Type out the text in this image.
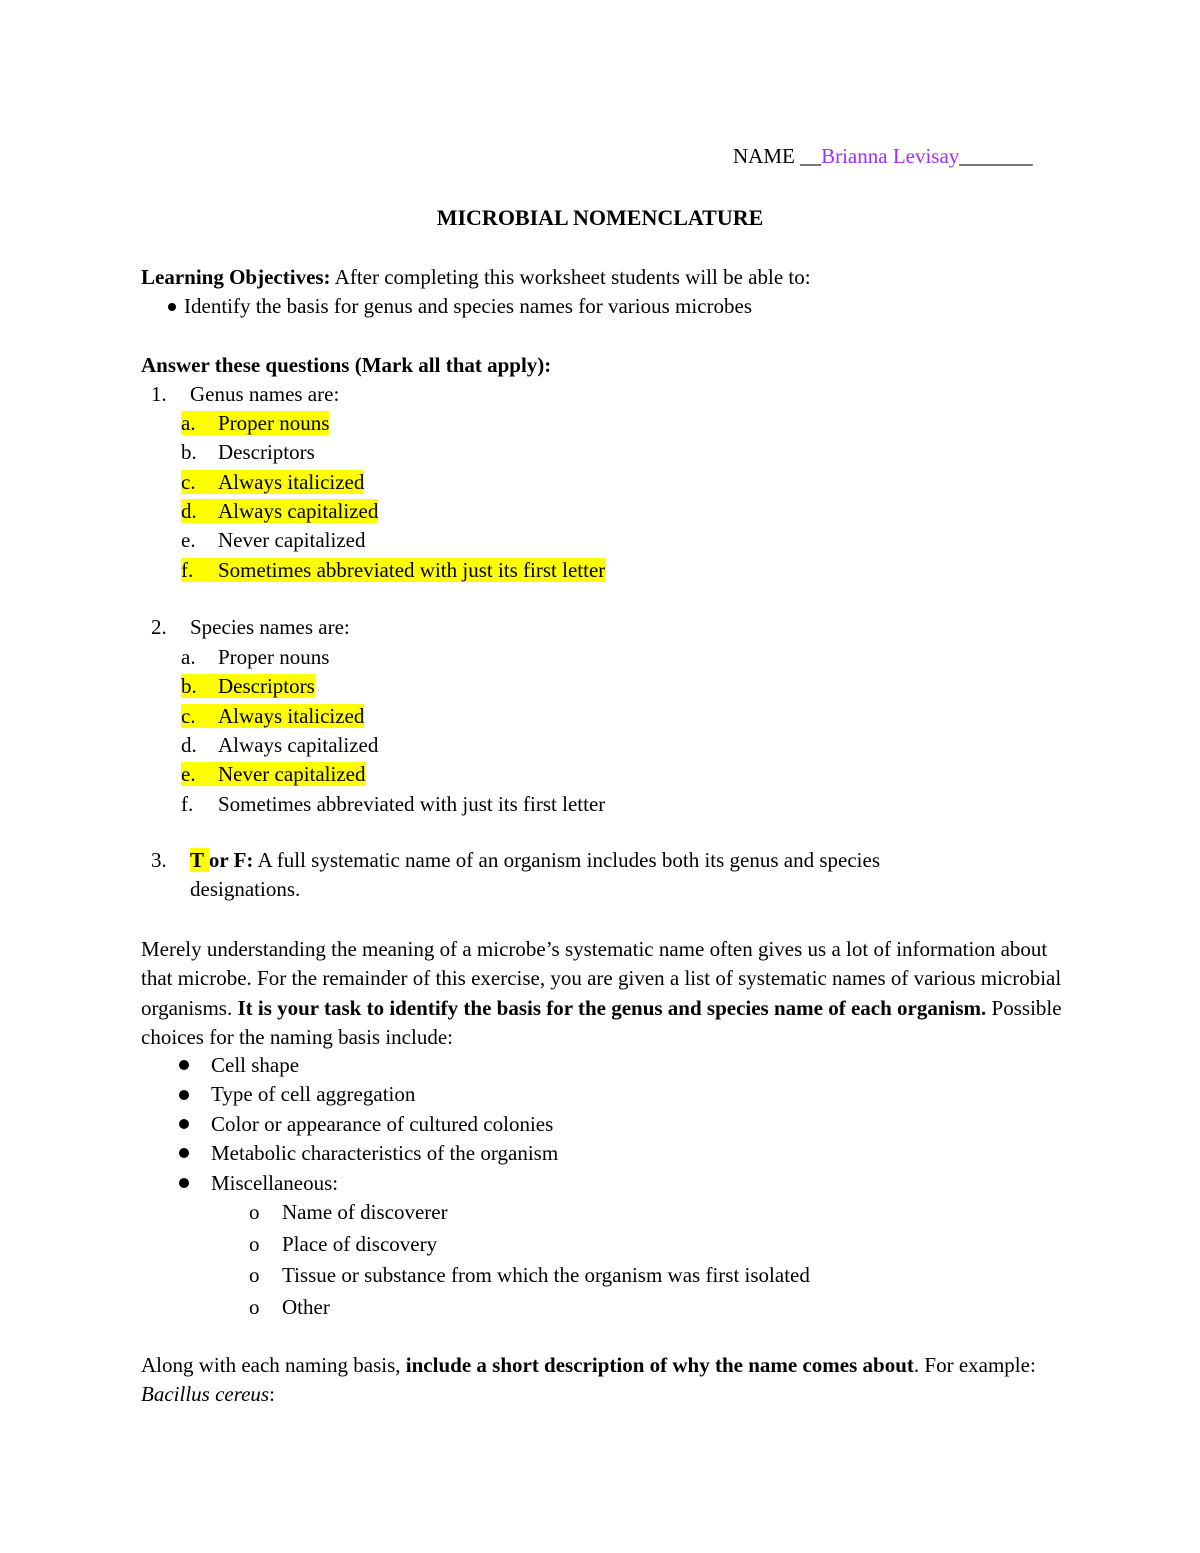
NAME __Brianna Levisay_______
MICROBIAL NOMENCLATURE
Learning Objectives: After completing this worksheet students will be able to:
Identify the basis for genus and species names for various microbes
Answer these questions (Mark all that apply):
1. Genus names are:
a. Proper nouns
b. Descriptors
c. Always italicized
d. Always capitalized
e. Never capitalized
f. Sometimes abbreviated with just its first letter
2. Species names are:
a. Proper nouns
b. Descriptors
c. Always italicized
d. Always capitalized
e. Never capitalized
f. Sometimes abbreviated with just its first letter
3. T or F: A full systematic name of an organism includes both its genus and species
designations.
Merely understanding the meaning of a microbe’s systematic name often gives us a lot of information about that microbe. For the remainder of this exercise, you are given a list of systematic names of various microbial organisms. It is your task to identify the basis for the genus and species name of each organism. Possible choices for the naming basis include:
Cell shape
Type of cell aggregation
Color or appearance of cultured colonies
Metabolic characteristics of the organism
Miscellaneous:
o Name of discoverer
o Place of discovery
o Tissue or substance from which the organism was first isolated
o Other
Along with each naming basis, include a short description of why the name comes about. For example: Bacillus cereus:
